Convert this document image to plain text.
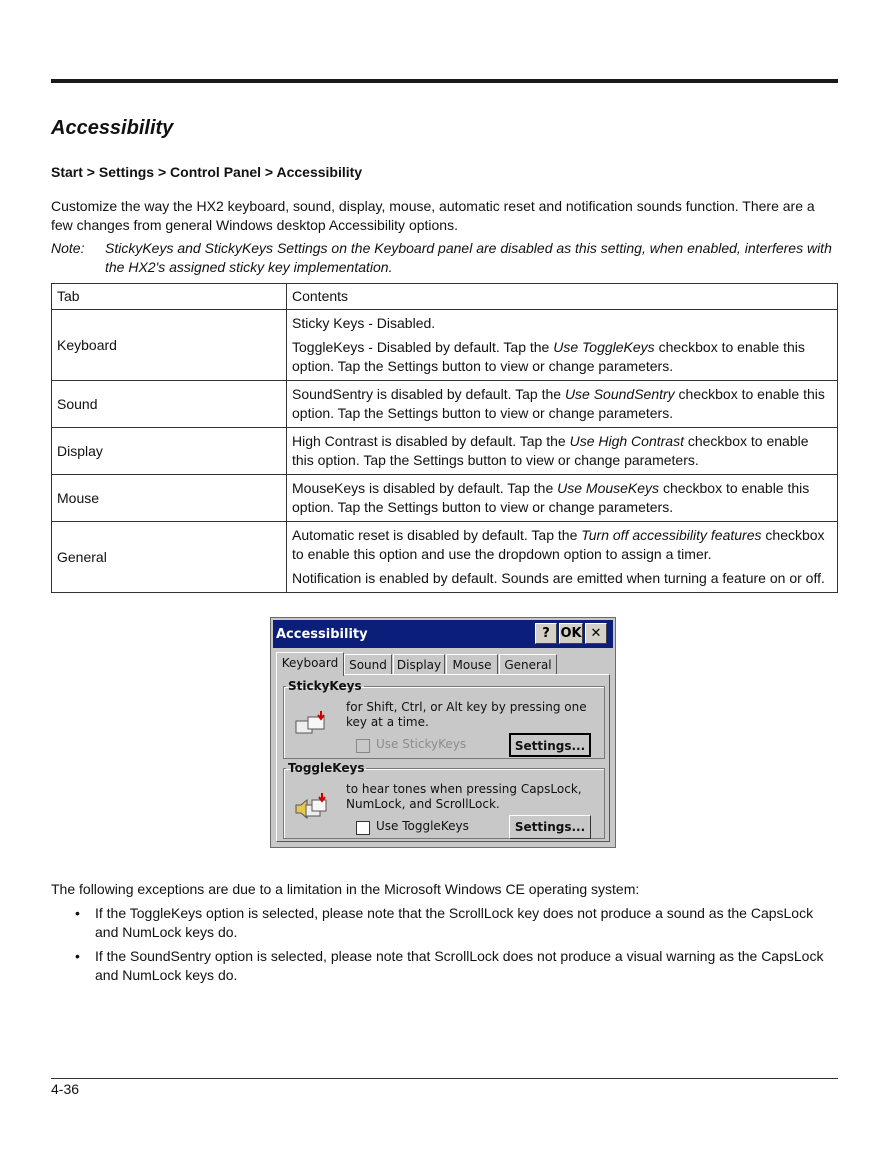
Accessibility
Start > Settings > Control Panel > Accessibility

Customize the way the HX2 keyboard, sound, display, mouse, automatic reset and notification sounds function. There are a few changes from general Windows desktop Accessibility options.

Note:	StickyKeys and StickyKeys Settings on the Keyboard panel are disabled as this setting, when enabled, interferes with the HX2's assigned sticky key implementation.
Tab	Contents
Keyboard	Sticky Keys - Disabled.

ToggleKeys - Disabled by default. Tap the Use ToggleKeys checkbox to enable this option. Tap the Settings button to view or change parameters.

Sound	SoundSentry is disabled by default. Tap the Use SoundSentry checkbox to enable this option. Tap the Settings button to view or change parameters.

Display	High Contrast is disabled by default. Tap the Use High Contrast checkbox to enable this option. Tap the Settings button to view or change parameters.

Mouse	MouseKeys is disabled by default. Tap the Use MouseKeys checkbox to enable this option. Tap the Settings button to view or change parameters.

General	Automatic reset is disabled by default. Tap the Turn off accessibility features checkbox to enable this option and use the dropdown option to assign a timer.

Notification is enabled by default. Sounds are emitted when turning a feature on or off.

Accessibility	? OK ✕
Keyboard Sound Display Mouse	General
StickyKeys
for Shift, Ctrl, or Alt key by pressing one key at a time.
Use StickyKeys	Settings...
ToggleKeys
to hear tones when pressing CapsLock, NumLock, and ScrollLock.
Use ToggleKeys	Settings...
The following exceptions are due to a limitation in the Microsoft Windows CE operating system:
• If the ToggleKeys option is selected, please note that the ScrollLock key does not produce a sound as the CapsLock and NumLock keys do.
• If the SoundSentry option is selected, please note that ScrollLock does not produce a visual warning as the CapsLock and NumLock keys do.
4-36
